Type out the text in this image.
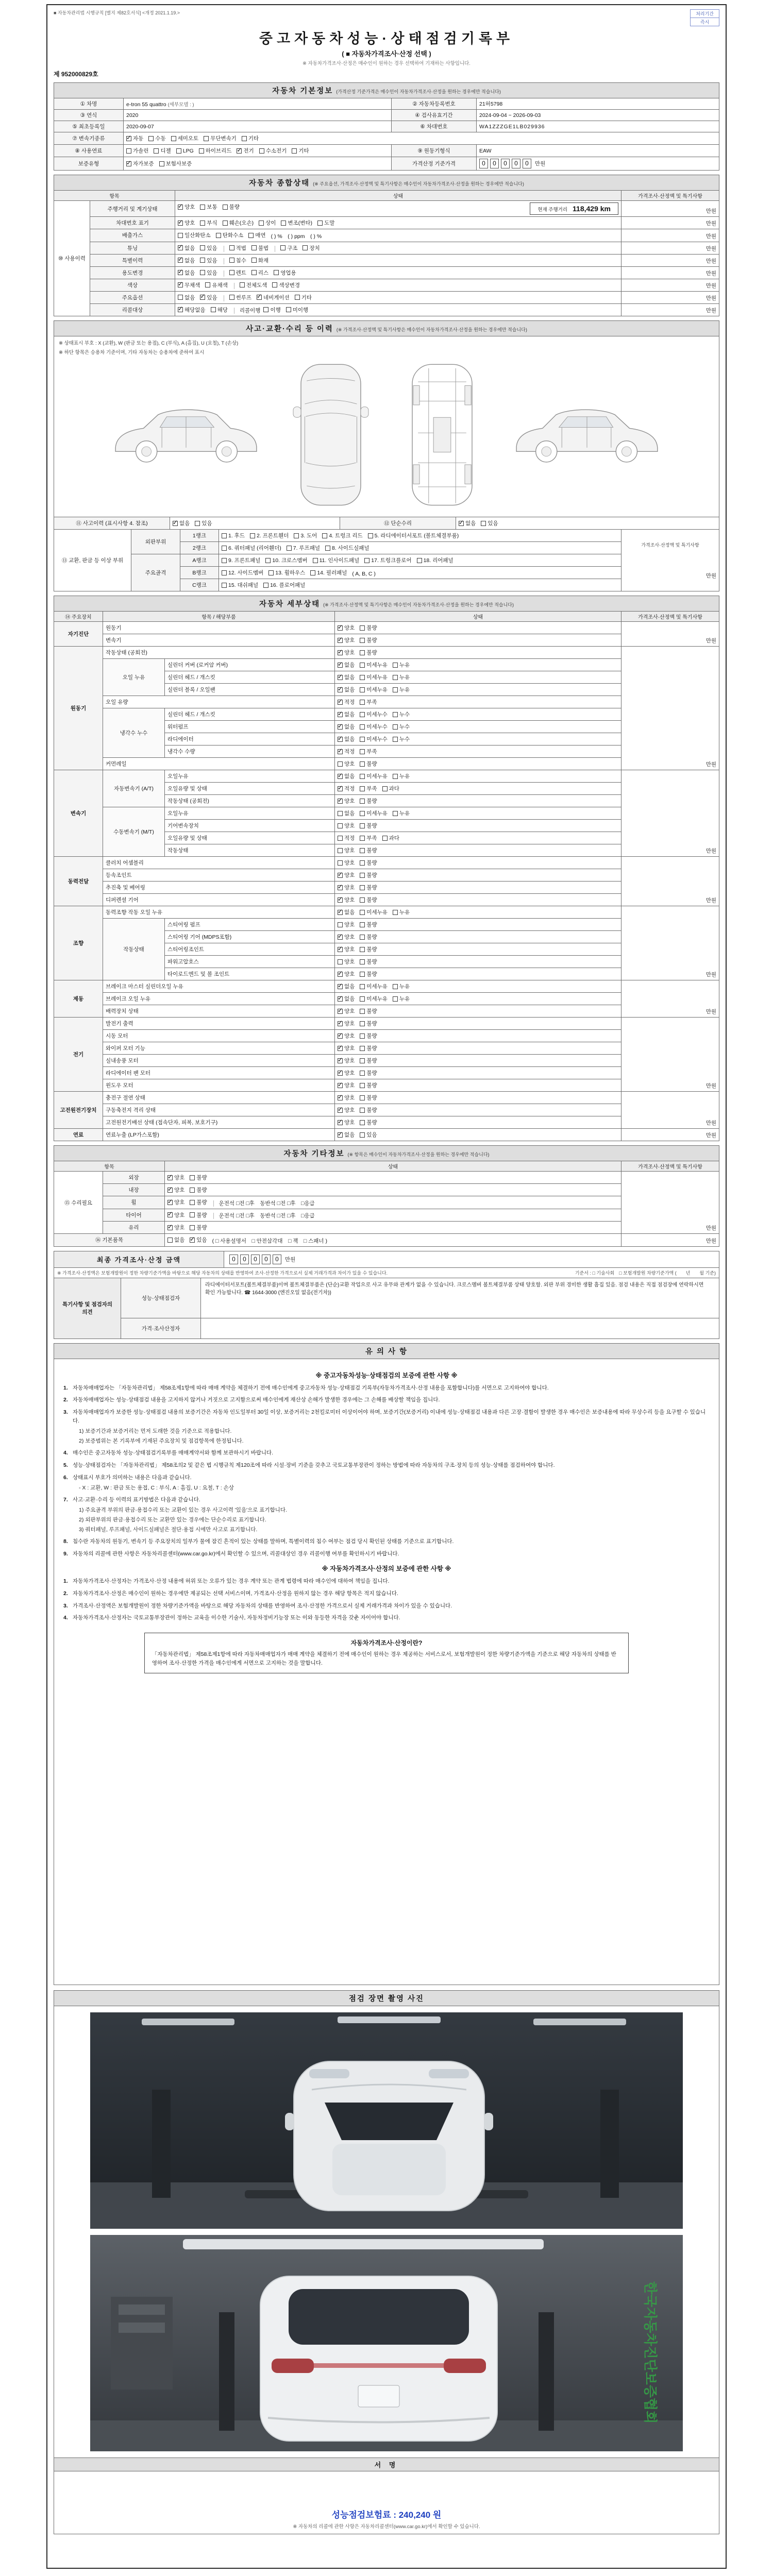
■ 자동차관리법 시행규칙 [별지 제82호서식] <개정 2021.1.19.>	처리기간
즉시
중고자동차성능·상태점검기록부
( ■ 자동차가격조사·산정 선택 )
※ 자동차가격조사·산정은 매수인이 원하는 경우 선택하여 기재하는 사항입니다.
제 952000829호
자동차 기본정보 (가격산정 기준가격은 매수인이 자동차가격조사·산정을 원하는 경우에만 적습니다)			
① 차명	e-tron 55 quattro (세부모델 : )	② 자동차등록번호	21허5798
③ 연식	2020	④ 검사유효기간	2024-09-04 ~ 2026-09-03
⑤ 최초등록일	2020-09-07	⑥ 차대번호	WA1ZZZGE1LB029936
⑦ 변속기종류	
✓자동 수동 세미오토 무단변속기 기타

⑧ 사용연료	가솔린 디젤 LPG 하이브리드 ✓ 전기 수소전기 기타	⑨ 원동기형식	EAW
보증유형	
✓자가보증 보험사보증	가격산정 기준가격	0 0 0 0 0 만원
자동차 종합상태 (※ 주요옵션, 가격조사·산정액 및 특기사항은 매수인이 자동차가격조사·산정을 원하는 경우에만 적습니다)			
항목		상태	가격조사·산정액 및 특기사항
⑩ 사용이력	주행거리 및 계기상태	
✓양호 보통 불량 현재 주행거리 118,429 km	만원
차대번호 표기	
✓양호 부식 훼손(오손) 상이 변조(변타) 도말	만원
	배출가스	일산화탄소 탄화수소 매연 ( ) %　( ) ppm　( ) %	만원
튜닝	
✓없음 있음	적법 불법	구조 장치	만원
	특별이력	
✓없음 있음 침수 화재	만원
	용도변경	
✓없음 있음 렌트 리스 영업용	만원
	색상	
✓무채색 유채색 전체도색 색상변경	만원
	주요옵션	없음 ✓ 있음 썬루프 ✓ 네비게이션 기타	만원
	리콜대상	
✓해당없음 해당 리콜이행 이행 미이행	만원
사고·교환·수리 등 이력 (※ 가격조사·산정액 및 특기사항은 매수인이 자동차가격조사·산정을 원하는 경우에만 적습니다)

※ 상태표시 부호 : X (교환), W (판금 또는 용접), C (부식), A (흠집), U (요철), T (손상)
※ 하단 항목은 승용차 기준이며, 기타 자동차는 승용차에 준하여 표시
⑪ 사고이력 (표시사항 4. 참조)	
✓없음 있음	⑫ 단순수리	
✓없음 있음
⑬ 교환, 판금 등 이상 부위	외판부위	1랭크	1. 후드 2. 프론트휀더 3. 도어 4. 트렁크 리드 5. 라디에이터서포트 (볼트체결부품)

가격조사·산정액 및 특기사항
만원

		2랭크	6. 쿼터패널 (리어휀더) 7. 루프패널 8. 사이드실패널	

	주요골격	A랭크	9. 프론트패널 10. 크로스멤버 11. 인사이드패널 17. 트렁크플로어 18. 리어패널	

		B랭크	12. 사이드멤버 13. 휠하우스 14. 필러패널 ( A, B, C )	
		C랭크	15. 대쉬패널 16. 플로어패널	
자동차 세부상태 (※ 가격조사·산정액 및 특기사항은 매수인이 자동차가격조사·산정을 원하는 경우에만 적습니다)				
⑭ 주요장치	항목 / 해당부품		상태	가격조사·산정액 및 특기사항
자기진단	원동기	
✓양호 불량	만원
	변속기	
✓양호 불량

원동기	작동상태 (공회전)	
✓양호 불량	만원
	오일 누유	실린더 커버 (로커암 커버)	
✓없음 미세누유 누유

		실린더 헤드 / 개스킷	
✓없음 미세누유 누유

		실린더 블록 / 오일팬	
✓없음 미세누유 누유

	오일 유량	
✓적정 부족

	냉각수 누수	실린더 헤드 / 개스킷	
✓없음 미세누수 누수

		워터펌프	
✓없음 미세누수 누수

		라디에이터	
✓없음 미세누수 누수

		냉각수 수량	
✓적정 부족

	커먼레일		양호 불량	

변속기	자동변속기 (A/T)	오일누유	
✓없음 미세누유 누유	만원
		오일유량 및 상태	
✓적정 부족 과다

		작동상태 (공회전)	
✓양호 불량

	수동변속기 (M/T)	오일누유	없음 미세누유 누유	

		기어변속장치	양호 불량	

		오일유량 및 상태	적정 부족 과다	

		작동상태	양호 불량	

동력전달	클러치 어셈블리		양호 불량	만원
	등속조인트	
✓양호 불량

	추진축 및 베어링	
✓양호 불량

	디퍼렌셜 기어	
✓양호 불량

조향	동력조향 작동 오일 누유	
✓없음 미세누유 누유	만원
	작동상태	스티어링 펌프	양호 불량	

		스티어링 기어 (MDPS포함)	
✓양호 불량

		스티어링조인트	
✓양호 불량

		파워고압호스	양호 불량	

		타이로드엔드 및 볼 조인트	
✓양호 불량

제동	브레이크 마스터 실린더오일 누유	
✓없음 미세누유 누유	만원
	브레이크 오일 누유	
✓없음 미세누유 누유

	배력장치 상태	
✓양호 불량

전기	발전기 출력	
✓양호 불량	만원
	시동 모터	
✓양호 불량

	와이퍼 모터 기능	
✓양호 불량

	실내송풍 모터	
✓양호 불량

	라디에이터 팬 모터	
✓양호 불량

	윈도우 모터	
✓양호 불량

고전원전기장치	충전구 절연 상태	
✓양호 불량	만원
	구동축전지 격리 상태	
✓양호 불량

	고전원전기배선 상태 (접속단자, 피복, 보호기구)	
✓양호 불량

연료	연료누출 (LP가스포함)	
✓없음 있음	만원
자동차 기타정보 (※ 항목은 매수인이 자동차가격조사·산정을 원하는 경우에만 적습니다)			
항목		상태	가격조사·산정액 및 특기사항
⑮ 수리필요	외장	
✓양호 불량	만원
	내장	
✓양호 불량

	휠	
✓양호 불량 운전석 □전 □후　동반석 □전 □후　□응급
	타이어	
✓양호 불량 운전석 □전 □후　동반석 □전 □후　□응급
	유리	
✓양호 불량

⑯ 기본품목		없음 ✓ 있음 ( □ 사용설명서　□ 안전삼각대　□ 잭　□ 스패너 )	만원
최종 가격조사·산정 금액	0 0 0 0 0 만원

기준서 : □ 기술사회　□ 보험개발원 차량기준가액 (　　년　　월 기준)
※ 가격조사·산정액은 보험개발원이 정한 차량기준가액을 바탕으로 해당 자동차의 상태를 반영하여 조사·산정한 가격으로서 실제 거래가격과 차이가 있을 수 있습니다.
특기사항 및 점검자의 의견	성능·상태점검자	라디에이터서포트(볼트체결부품)이며 볼트체결부품은 (단순)교환 작업으로 사고 유무와 관계가 없을 수 있습니다. 크로스멤버 볼트체결부품 상태 양호함. 외판 부위 경미한 생활 흠집 있음. 점검 내용은 직접 점검장에 연락하시면 확인 가능합니다. ☎ 1644-3000 (엔진오일 없음(전기차))
	가격·조사산정자	
유 의 사 항
※ 중고자동차성능·상태점검의 보증에 관한 사항 ※
1. 자동차매매업자는 「자동차관리법」 제58조제1항에 따라 매매 계약을 체결하기 전에 매수인에게 중고자동차 성능·상태점검 기록부(자동차가격조사·산정 내용을 포함합니다)를 서면으로 고지하여야 합니다.
2. 자동차매매업자는 성능·상태점검 내용을 고지하지 않거나 거짓으로 고지함으로써 매수인에게 재산상 손해가 발생한 경우에는 그 손해를 배상할 책임을 집니다.
3. 자동차매매업자가 보증한 성능·상태점검 내용의 보증기간은 자동차 인도일부터 30일 이상, 보증거리는 2천킬로미터 이상이어야 하며, 보증기간(보증거리) 이내에 성능·상태점검 내용과 다른 고장·결함이 발생한 경우 매수인은 보증내용에 따라 무상수리 등을 요구할 수 있습니다.
1) 보증기간과 보증거리는 먼저 도래한 것을 기준으로 적용합니다.
2) 보증범위는 본 기록부에 기재된 주요장치 및 점검항목에 한정됩니다.
4. 매수인은 중고자동차 성능·상태점검기록부를 매매계약서와 함께 보관하시기 바랍니다.
5. 성능·상태점검자는 「자동차관리법」 제58조의2 및 같은 법 시행규칙 제120조에 따라 시설·장비 기준을 갖추고 국토교통부장관이 정하는 방법에 따라 자동차의 구조·장치 등의 성능·상태를 점검하여야 합니다.
6. 상태표시 부호가 의미하는 내용은 다음과 같습니다.
- X : 교환, W : 판금 또는 용접, C : 부식, A : 흠집, U : 요철, T : 손상
7. 사고·교환·수리 등 이력의 표기방법은 다음과 같습니다.
1) 주요골격 부위의 판금·용접수리 또는 교환이 있는 경우 사고이력 '있음'으로 표기합니다.
2) 외판부위의 판금·용접수리 또는 교환만 있는 경우에는 단순수리로 표기합니다.
3) 쿼터패널, 루프패널, 사이드실패널은 절단·용접 시에만 사고로 표기합니다.
8. 침수란 자동차의 원동기, 변속기 등 주요장치의 일부가 물에 잠긴 흔적이 있는 상태를 말하며, 특별이력의 침수 여부는 점검 당시 확인된 상태를 기준으로 표기합니다.
9. 자동차의 리콜에 관한 사항은 자동차리콜센터(www.car.go.kr)에서 확인할 수 있으며, 리콜대상인 경우 리콜이행 여부를 확인하시기 바랍니다.
※ 자동차가격조사·산정의 보증에 관한 사항 ※
1. 자동차가격조사·산정자는 가격조사·산정 내용에 허위 또는 오류가 있는 경우 계약 또는 관계 법령에 따라 매수인에 대하여 책임을 집니다.
2. 자동차가격조사·산정은 매수인이 원하는 경우에만 제공되는 선택 서비스이며, 가격조사·산정을 원하지 않는 경우 해당 항목은 적지 않습니다.
3. 가격조사·산정액은 보험개발원이 정한 차량기준가액을 바탕으로 해당 자동차의 상태를 반영하여 조사·산정한 가격으로서 실제 거래가격과 차이가 있을 수 있습니다.
4. 자동차가격조사·산정자는 국토교통부장관이 정하는 교육을 이수한 기술사, 자동차정비기능장 또는 이와 동등한 자격을 갖춘 자이어야 합니다.
자동차가격조사·산정이란?
「자동차관리법」 제58조제1항에 따라 자동차매매업자가 매매 계약을 체결하기 전에 매수인이 원하는 경우 제공하는 서비스로서, 보험개발원이 정한 차량기준가액을 기준으로 해당 자동차의 상태를 반영하여 조사·산정한 가격을 매수인에게 서면으로 고지하는 것을 말합니다.
점검 장면 촬영 사진
한국자동차진단보증협회
서 명
성능점검보험료 : 240,240 원
※ 자동차의 리콜에 관한 사항은 자동차리콜센터(www.car.go.kr)에서 확인할 수 있습니다.
